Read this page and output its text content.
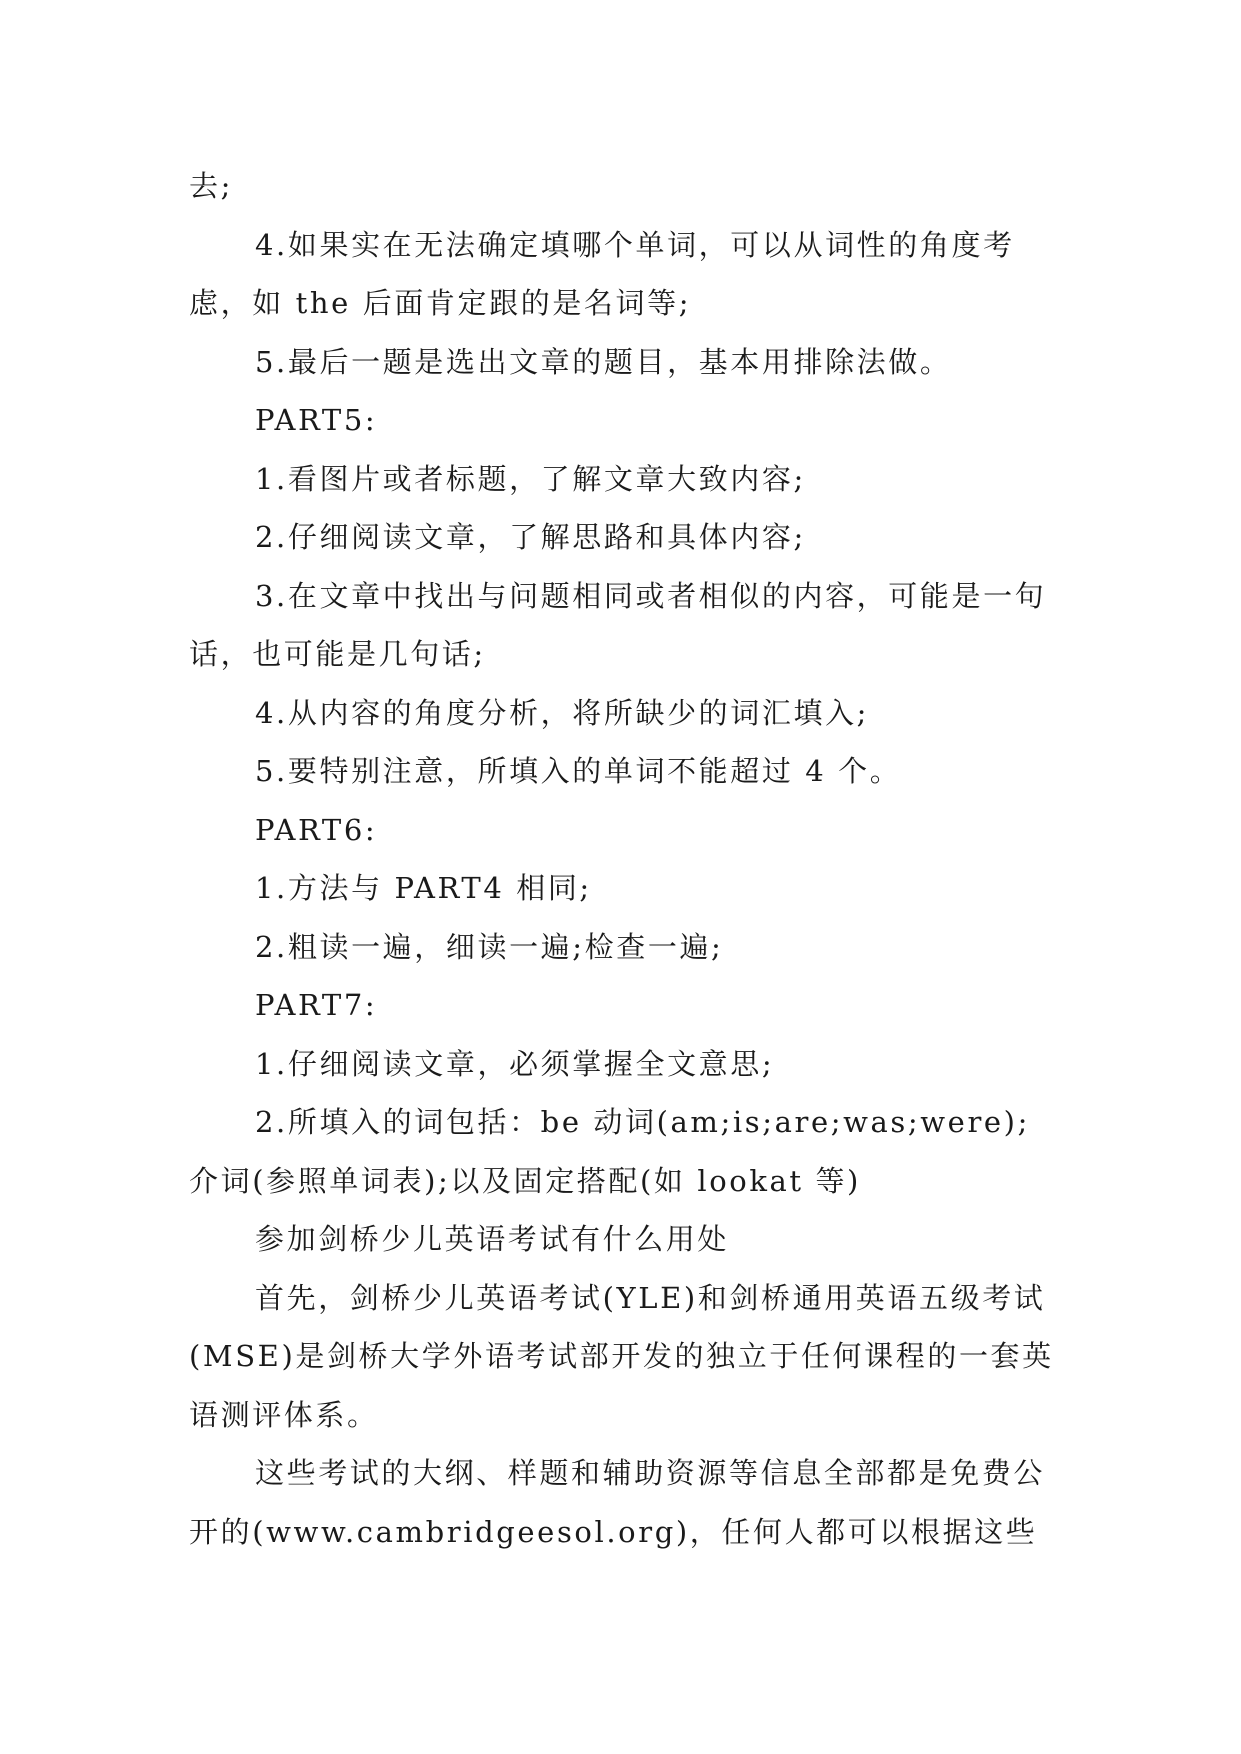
去;

4.如果实在无法确定填哪个单词，可以从词性的角度考虑，如 the 后面肯定跟的是名词等;

5.最后一题是选出文章的题目，基本用排除法做。

PART5:

1.看图片或者标题，了解文章大致内容;

2.仔细阅读文章，了解思路和具体内容;

3.在文章中找出与问题相同或者相似的内容，可能是一句话，也可能是几句话;

4.从内容的角度分析，将所缺少的词汇填入;

5.要特别注意，所填入的单词不能超过 4 个。

PART6:

1.方法与 PART4 相同;

2.粗读一遍，细读一遍;检查一遍;

PART7:

1.仔细阅读文章，必须掌握全文意思;

2.所填入的词包括：be 动词(am;is;are;was;were);介词(参照单词表);以及固定搭配(如 lookat 等)

参加剑桥少儿英语考试有什么用处

首先，剑桥少儿英语考试(YLE)和剑桥通用英语五级考试(MSE)是剑桥大学外语考试部开发的独立于任何课程的一套英语测评体系。

这些考试的大纲、样题和辅助资源等信息全部都是免费公开的(www.cambridgeesol.org)，任何人都可以根据这些
